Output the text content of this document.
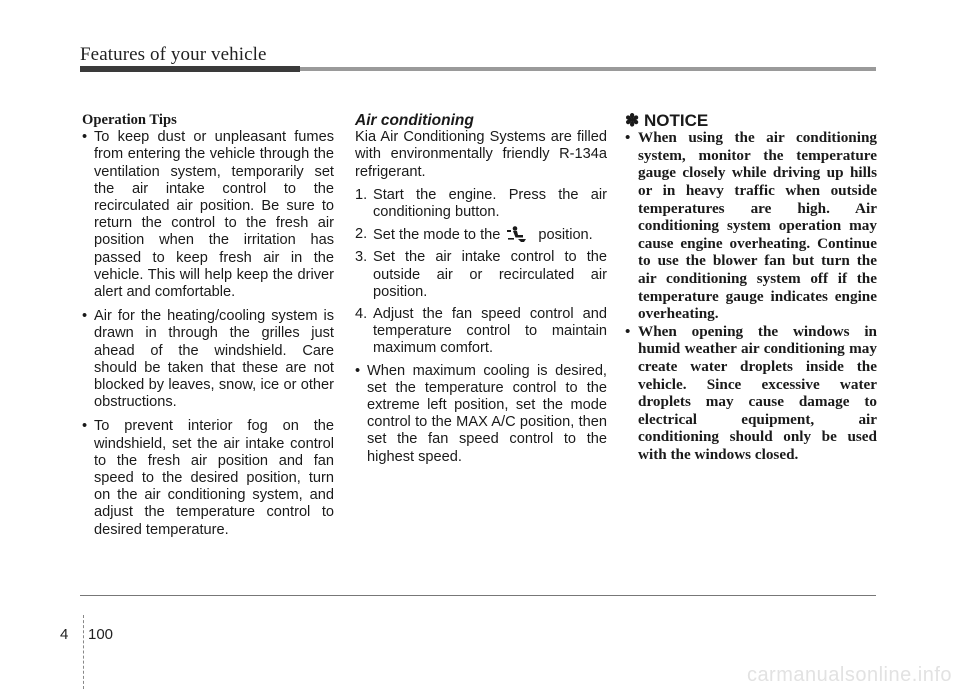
Features of your vehicle

Operation Tips

• To keep dust or unpleasant fumes from entering the vehicle through the ventilation system, temporarily set the air intake control to the recirculated air position. Be sure to return the control to the fresh air position when the irritation has passed to keep fresh air in the vehicle. This will help keep the driver alert and comfortable.
• Air for the heating/cooling system is drawn in through the grilles just ahead of the windshield. Care should be taken that these are not blocked by leaves, snow, ice or other obstructions.
• To prevent interior fog on the windshield, set the air intake control to the fresh air position and fan speed to the desired position, turn on the air conditioning system, and adjust the temperature control to desired temperature.

Air conditioning

Kia Air Conditioning Systems are filled with environmentally friendly R-134a refrigerant.

1. Start the engine. Press the air conditioning button.
2. Set the mode to the	position.
3. Set the air intake control to the outside air or recirculated air position.
4. Adjust the fan speed control and temperature control to maintain maximum comfort.
• When maximum cooling is desired, set the temperature control to the extreme left position, set the mode control to the MAX A/C position, then set the fan speed control to the highest speed.

✽ NOTICE

• When using the air conditioning system, monitor the temperature gauge closely while driving up hills or in heavy traffic when outside temperatures are high. Air conditioning system operation may cause engine overheating. Continue to use the blower fan but turn the air conditioning system off if the temperature gauge indicates engine overheating.
• When opening the windows in humid weather air conditioning may create water droplets inside the vehicle. Since excessive water droplets may cause damage to electrical equipment, air conditioning should only be used with the windows closed.
4 100
carmanualsonline.info
